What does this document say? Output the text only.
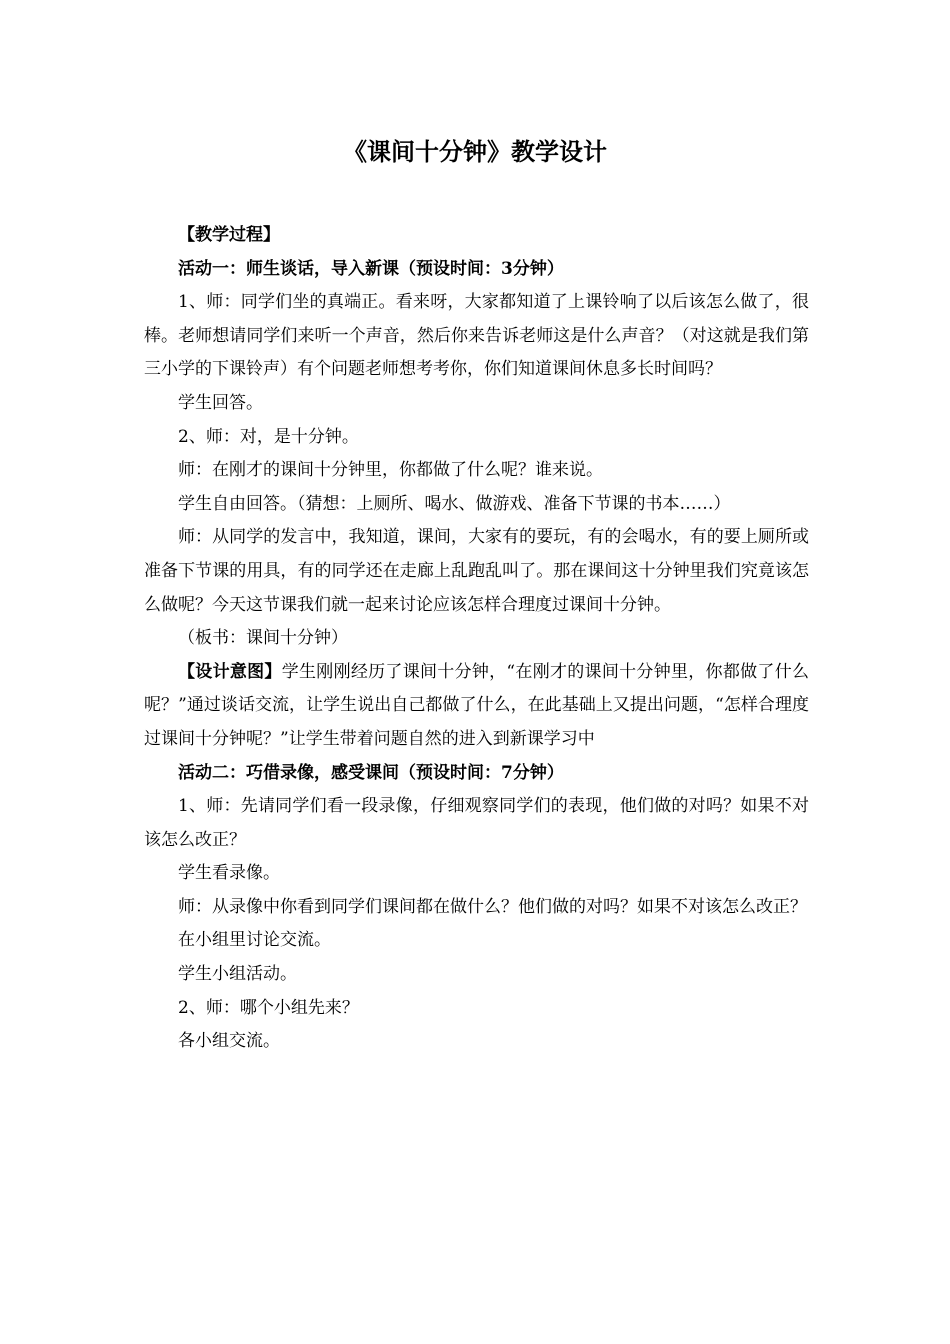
《课间十分钟》教学设计

【教学过程】

活动一：师生谈话，导入新课（预设时间：3分钟）

1、师：同学们坐的真端正。看来呀，大家都知道了上课铃响了以后该怎么做了，很棒。老师想请同学们来听一个声音，然后你来告诉老师这是什么声音？（对这就是我们第三小学的下课铃声）有个问题老师想考考你，你们知道课间休息多长时间吗？

学生回答。

2、师：对，是十分钟。

师：在刚才的课间十分钟里，你都做了什么呢？谁来说。

学生自由回答。（猜想：上厕所、喝水、做游戏、准备下节课的书本……）

师：从同学的发言中，我知道，课间，大家有的要玩，有的会喝水，有的要上厕所或准备下节课的用具，有的同学还在走廊上乱跑乱叫了。那在课间这十分钟里我们究竟该怎么做呢？今天这节课我们就一起来讨论应该怎样合理度过课间十分钟。

（板书：课间十分钟）

【设计意图】学生刚刚经历了课间十分钟，“在刚才的课间十分钟里，你都做了什么呢？”通过谈话交流，让学生说出自己都做了什么，在此基础上又提出问题，“怎样合理度过课间十分钟呢？”让学生带着问题自然的进入到新课学习中

活动二：巧借录像，感受课间（预设时间：7分钟）

1、师：先请同学们看一段录像，仔细观察同学们的表现，他们做的对吗？如果不对该怎么改正？

学生看录像。

师：从录像中你看到同学们课间都在做什么？他们做的对吗？如果不对该怎么改正？

在小组里讨论交流。

学生小组活动。

2、师：哪个小组先来？

各小组交流。
